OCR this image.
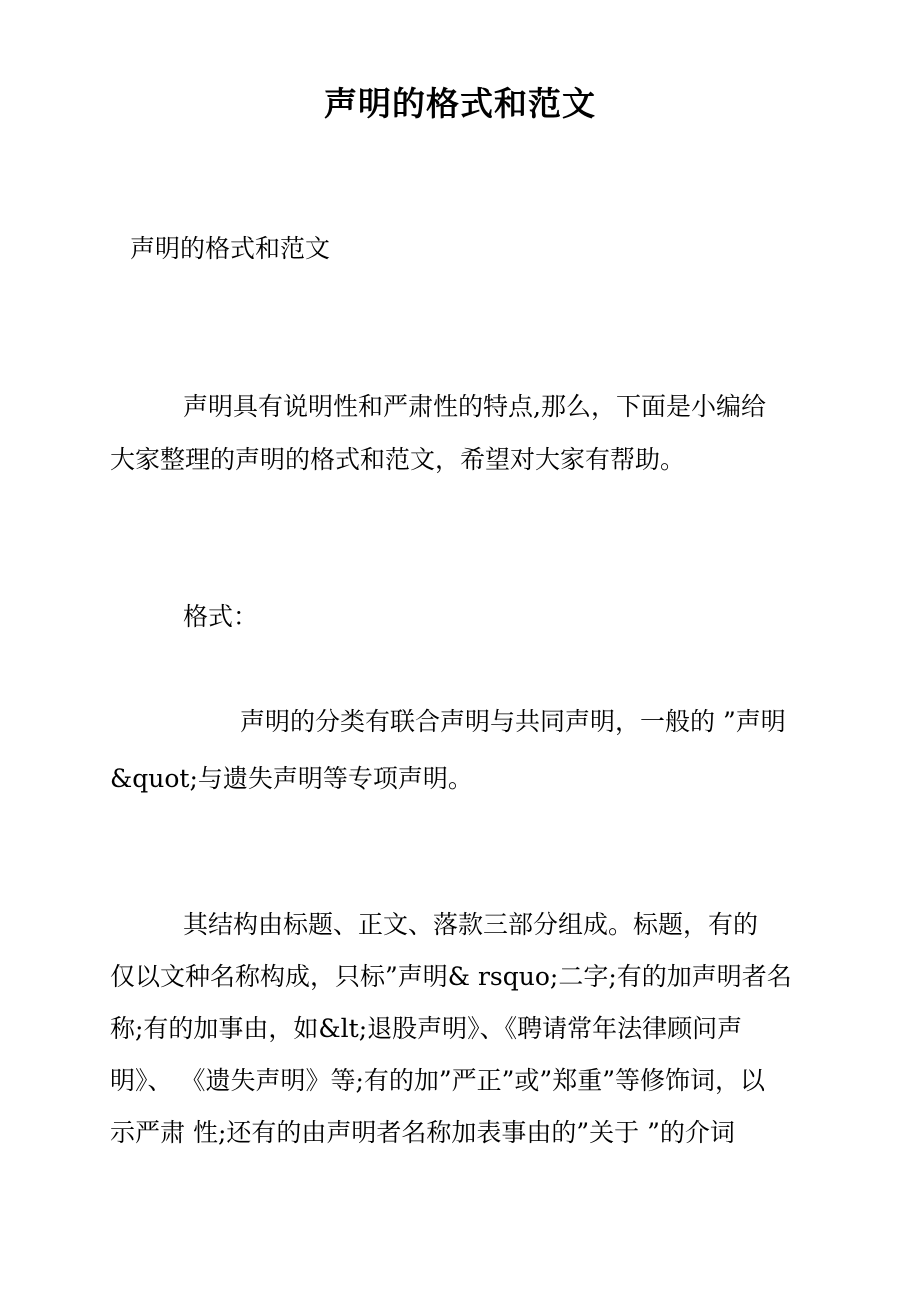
声明的格式和范文

声明的格式和范文

声明具有说明性和严肃性的特点,那么，下面是小编给

大家整理的声明的格式和范文，希望对大家有帮助。

格式：

声明的分类有联合声明与共同声明，一般的 ”声明

&quot;与遗失声明等专项声明。

其结构由标题、正文、落款三部分组成。标题，有的

仅以文种名称构成，只标”声明& rsquo;二字;有的加声明者名

称;有的加事由，如&lt;退股声明》、《聘请常年法律顾问声

明》、 《遗失声明》等;有的加”严正”或”郑重”等修饰词，以

示严肃 性;还有的由声明者名称加表事由的”关于 ”的介词
